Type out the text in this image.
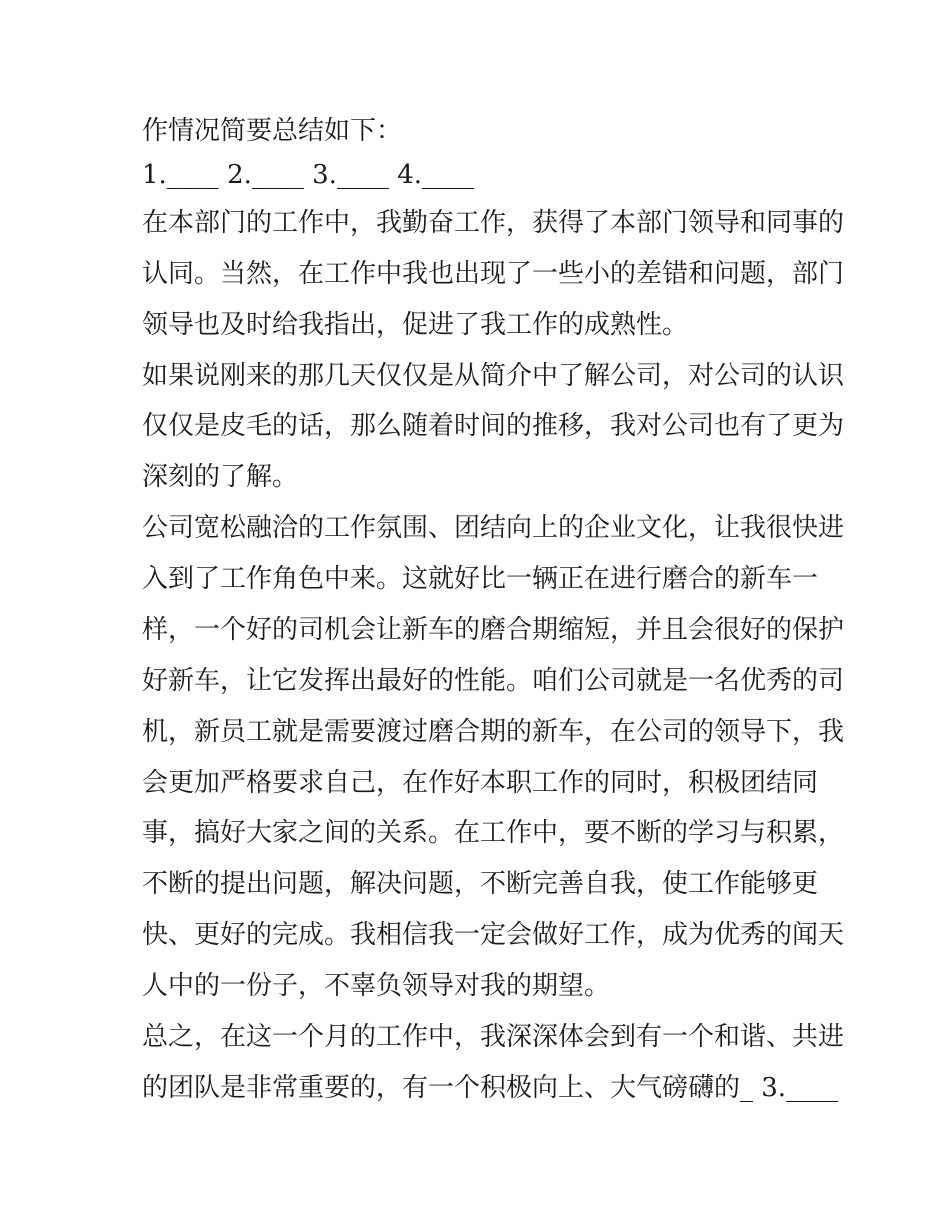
作情况简要总结如下：
1.____ 2.____ 3.____ 4.____
在本部门的工作中，我勤奋工作，获得了本部门领导和同事的
认同。当然，在工作中我也出现了一些小的差错和问题，部门
领导也及时给我指出，促进了我工作的成熟性。
如果说刚来的那几天仅仅是从简介中了解公司，对公司的认识
仅仅是皮毛的话，那么随着时间的推移，我对公司也有了更为
深刻的了解。
公司宽松融洽的工作氛围、团结向上的企业文化，让我很快进
入到了工作角色中来。这就好比一辆正在进行磨合的新车一
样，一个好的司机会让新车的磨合期缩短，并且会很好的保护
好新车，让它发挥出最好的性能。咱们公司就是一名优秀的司
机，新员工就是需要渡过磨合期的新车，在公司的领导下，我
会更加严格要求自己，在作好本职工作的同时，积极团结同
事，搞好大家之间的关系。在工作中，要不断的学习与积累，
不断的提出问题，解决问题，不断完善自我，使工作能够更
快、更好的完成。我相信我一定会做好工作，成为优秀的闻天
人中的一份子，不辜负领导对我的期望。
总之，在这一个月的工作中，我深深体会到有一个和谐、共进
的团队是非常重要的，有一个积极向上、大气磅礴的_ 3.____
